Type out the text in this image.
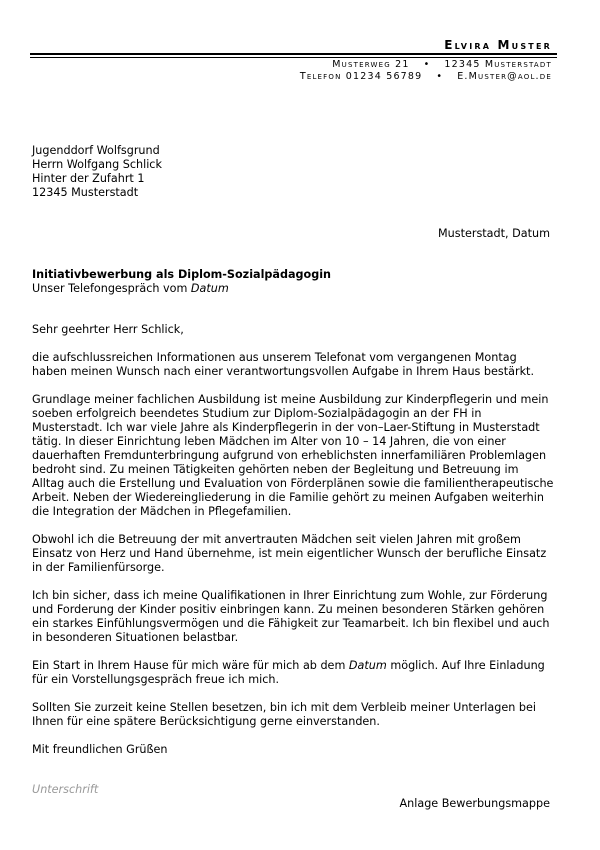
Elvira Muster
Musterweg 21 • 12345 Musterstadt
Telefon 01234 56789 • E.Muster@aol.de
Jugenddorf Wolfsgrund
Herrn Wolfgang Schlick
Hinter der Zufahrt 1
12345 Musterstadt
Musterstadt, Datum
Initiativbewerbung als Diplom-Sozialpädagogin
Unser Telefongespräch vom Datum

Sehr geehrter Herr Schlick,

die aufschlussreichen Informationen aus unserem Telefonat vom vergangenen Montag haben meinen Wunsch nach einer verantwortungsvollen Aufgabe in Ihrem Haus bestärkt.

Grundlage meiner fachlichen Ausbildung ist meine Ausbildung zur Kinderpflegerin und mein soeben erfolgreich beendetes Studium zur Diplom-Sozialpädagogin an der FH in Musterstadt. Ich war viele Jahre als Kinderpflegerin in der von–Laer-Stiftung in Musterstadt tätig. In dieser Einrichtung leben Mädchen im Alter von 10 – 14 Jahren, die von einer dauerhaften Fremdunterbringung aufgrund von erheblichsten innerfamiliären Problemlagen bedroht sind. Zu meinen Tätigkeiten gehörten neben der Begleitung und Betreuung im Alltag auch die Erstellung und Evaluation von Förderplänen sowie die familientherapeutische Arbeit. Neben der Wiedereingliederung in die Familie gehört zu meinen Aufgaben weiterhin die Integration der Mädchen in Pflegefamilien.

Obwohl ich die Betreuung der mit anvertrauten Mädchen seit vielen Jahren mit großem Einsatz von Herz und Hand übernehme, ist mein eigentlicher Wunsch der berufliche Einsatz in der Familienfürsorge.

Ich bin sicher, dass ich meine Qualifikationen in Ihrer Einrichtung zum Wohle, zur Förderung und Forderung der Kinder positiv einbringen kann. Zu meinen besonderen Stärken gehören ein starkes Einfühlungsvermögen und die Fähigkeit zur Teamarbeit. Ich bin flexibel und auch in besonderen Situationen belastbar.

Ein Start in Ihrem Hause für mich wäre für mich ab dem Datum möglich. Auf Ihre Einladung für ein Vorstellungsgespräch freue ich mich.

Sollten Sie zurzeit keine Stellen besetzen, bin ich mit dem Verbleib meiner Unterlagen bei Ihnen für eine spätere Berücksichtigung gerne einverstanden.

Mit freundlichen Grüßen

Unterschrift
Anlage Bewerbungsmappe
